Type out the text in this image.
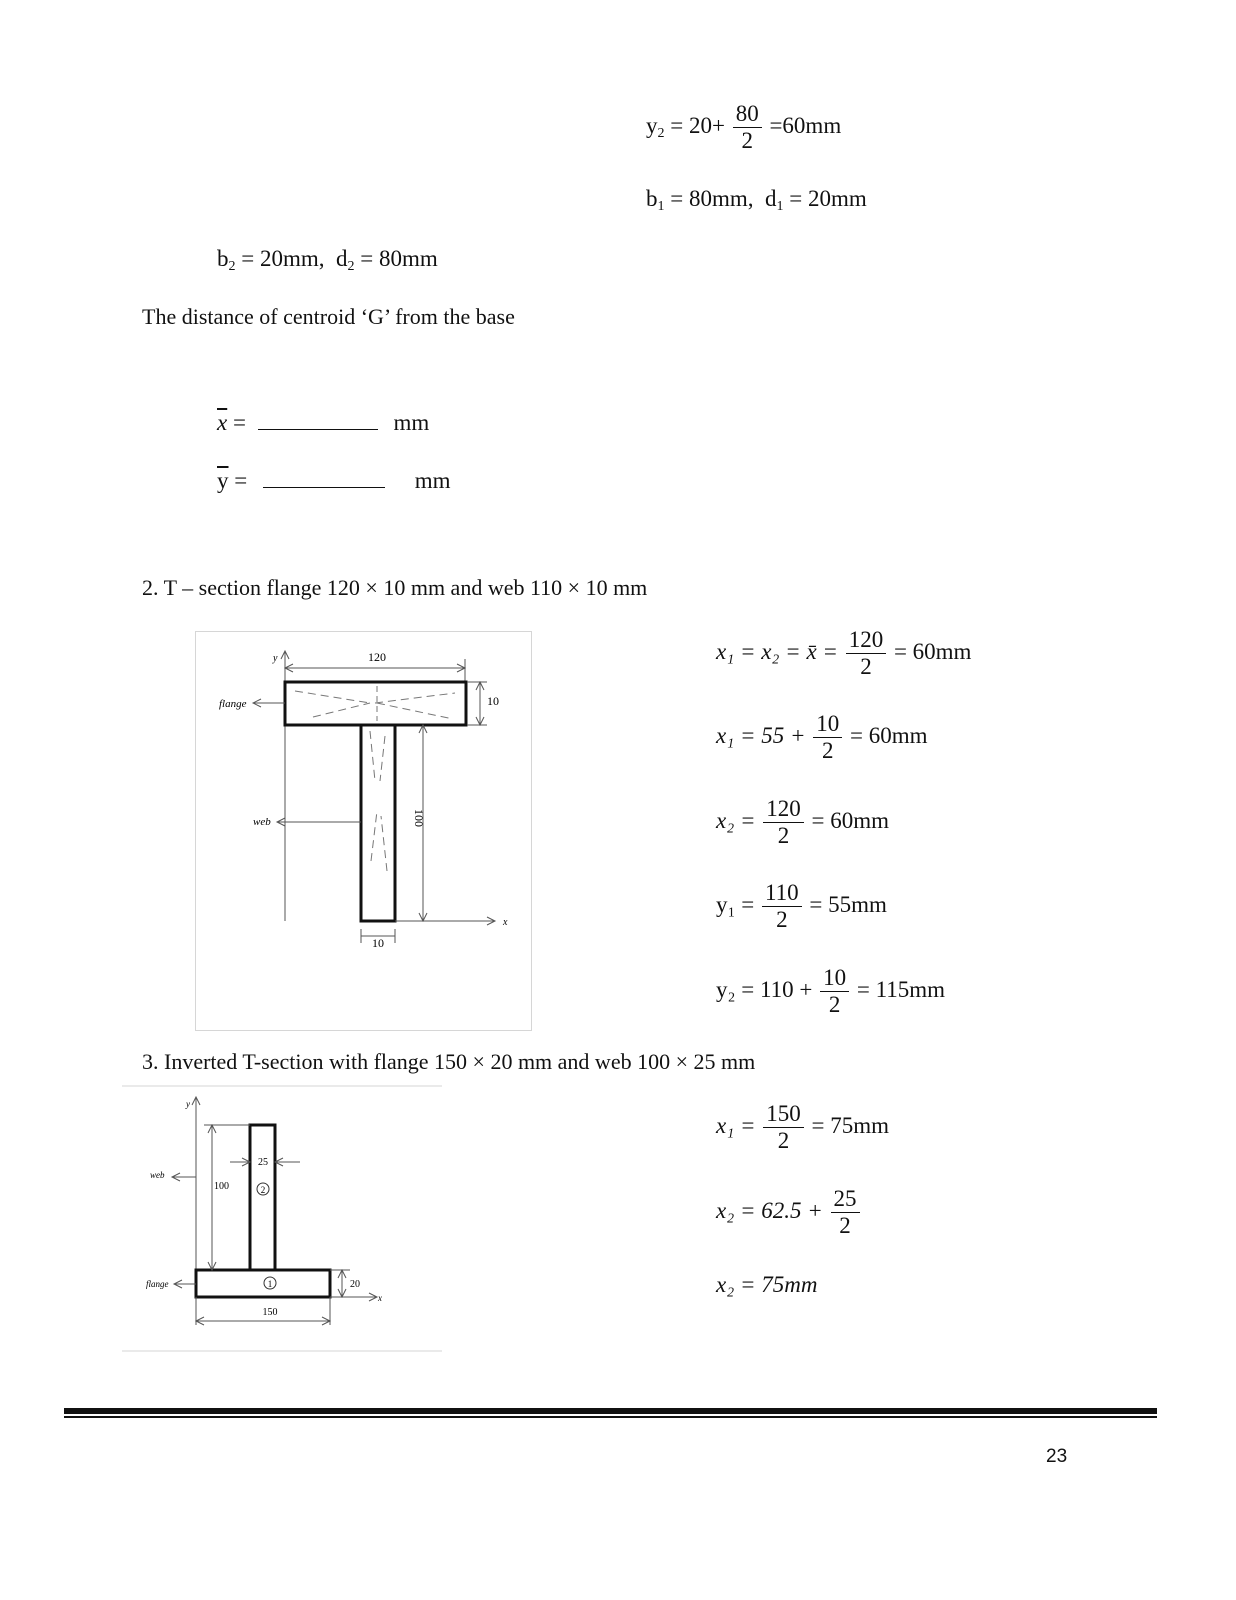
$y_2 = 20+ \frac{80}{2} =60mm$
$b_1 = 80mm$, $d_1 = 20mm$
$b_2 = 20mm$, $d_2 = 80mm$
The distance of centroid ‘G’ from the base
$\overline{x}$ =	mm
$\overline{y}$ =	mm
2. T – section flange 120 × 10 mm and web 110 × 10 mm
y	120
10
100
x
10
flange
web
x₁ = x₂ = x̄ = $\frac{120}{2} = 60mm$
$x_1 = 55 + \frac{10}{2} = 60mm$
$x_2 = \frac{120}{2} = 60mm$
$y_1 = \frac{110}{2} = 55mm$
$y_2 = 110 + \frac{10}{2} = 115mm$
3. Inverted T-section with flange 150 × 20 mm and web 100 × 25 mm
y
25
2
100
1	20
x
150
web
flange
$x_1 = \frac{150}{2} = 75mm$
$x_2 = 62.5 + \frac{25}{2}$
x₂ = 75mm
23
